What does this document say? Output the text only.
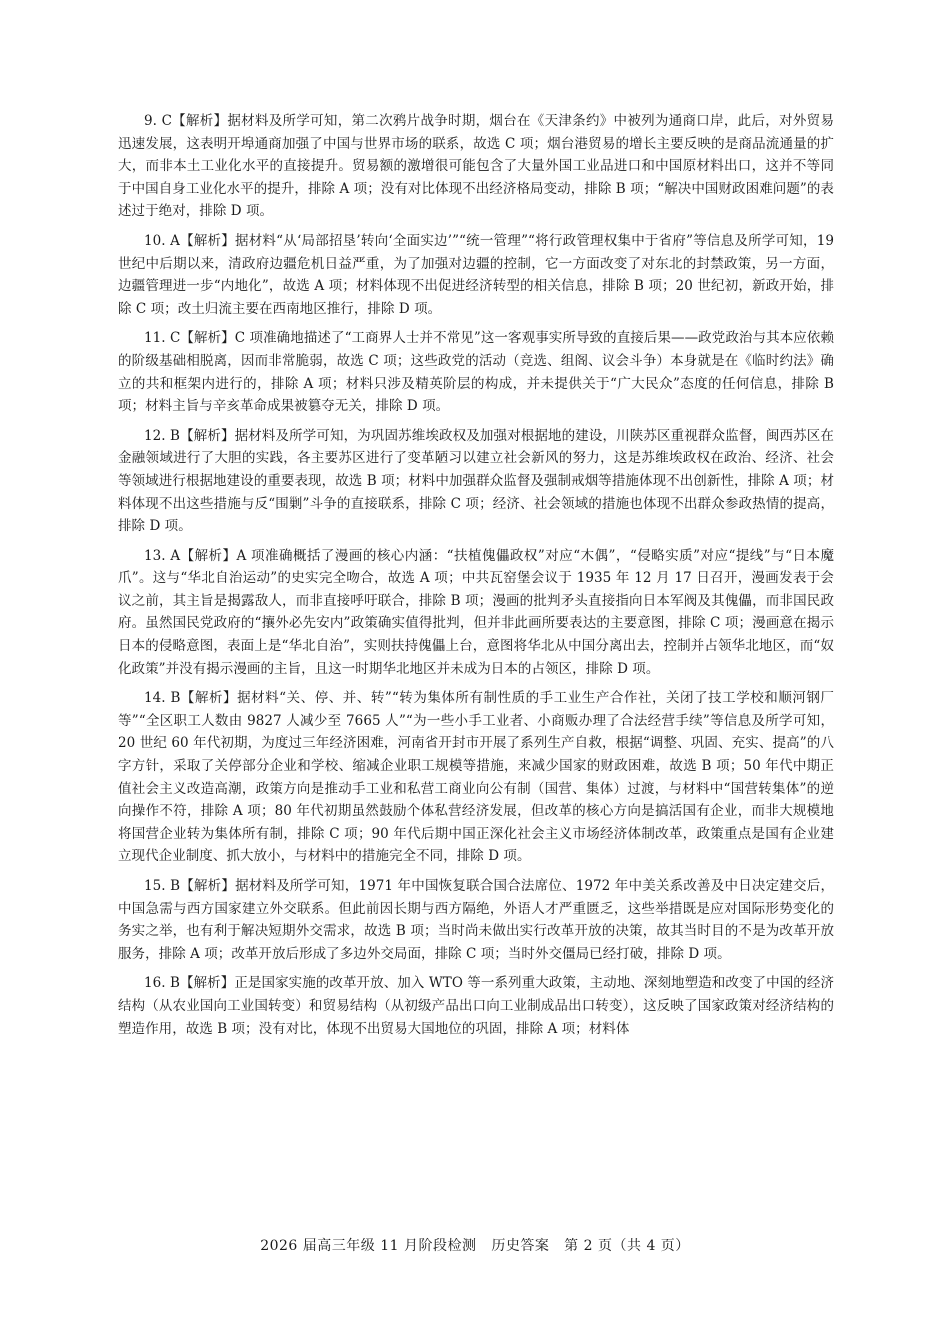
9. C【解析】据材料及所学可知，第二次鸦片战争时期，烟台在《天津条约》中被列为通商口岸，此后，对外贸易迅速发展，这表明开埠通商加强了中国与世界市场的联系，故选 C 项；烟台港贸易的增长主要反映的是商品流通量的扩大，而非本土工业化水平的直接提升。贸易额的激增很可能包含了大量外国工业品进口和中国原材料出口，这并不等同于中国自身工业化水平的提升，排除 A 项；没有对比体现不出经济格局变动，排除 B 项；“解决中国财政困难问题”的表述过于绝对，排除 D 项。

10. A【解析】据材料“从‘局部招垦’转向‘全面实边’”“统一管理”“将行政管理权集中于省府”等信息及所学可知，19 世纪中后期以来，清政府边疆危机日益严重，为了加强对边疆的控制，它一方面改变了对东北的封禁政策，另一方面，边疆管理进一步“内地化”，故选 A 项；材料体现不出促进经济转型的相关信息，排除 B 项；20 世纪初，新政开始，排除 C 项；改土归流主要在西南地区推行，排除 D 项。

11. C【解析】C 项准确地描述了“工商界人士并不常见”这一客观事实所导致的直接后果——政党政治与其本应依赖的阶级基础相脱离，因而非常脆弱，故选 C 项；这些政党的活动（竞选、组阁、议会斗争）本身就是在《临时约法》确立的共和框架内进行的，排除 A 项；材料只涉及精英阶层的构成，并未提供关于“广大民众”态度的任何信息，排除 B 项；材料主旨与辛亥革命成果被篡夺无关，排除 D 项。

12. B【解析】据材料及所学可知，为巩固苏维埃政权及加强对根据地的建设，川陕苏区重视群众监督，闽西苏区在金融领域进行了大胆的实践，各主要苏区进行了变革陋习以建立社会新风的努力，这是苏维埃政权在政治、经济、社会等领域进行根据地建设的重要表现，故选 B 项；材料中加强群众监督及强制戒烟等措施体现不出创新性，排除 A 项；材料体现不出这些措施与反“围剿”斗争的直接联系，排除 C 项；经济、社会领域的措施也体现不出群众参政热情的提高，排除 D 项。

13. A【解析】A 项准确概括了漫画的核心内涵：“扶植傀儡政权”对应“木偶”，“侵略实质”对应“提线”与“日本魔爪”。这与“华北自治运动”的史实完全吻合，故选 A 项；中共瓦窑堡会议于 1935 年 12 月 17 日召开，漫画发表于会议之前，其主旨是揭露敌人，而非直接呼吁联合，排除 B 项；漫画的批判矛头直接指向日本军阀及其傀儡，而非国民政府。虽然国民党政府的“攘外必先安内”政策确实值得批判，但并非此画所要表达的主要意图，排除 C 项；漫画意在揭示日本的侵略意图，表面上是“华北自治”，实则扶持傀儡上台，意图将华北从中国分离出去，控制并占领华北地区，而“奴化政策”并没有揭示漫画的主旨，且这一时期华北地区并未成为日本的占领区，排除 D 项。

14. B【解析】据材料“关、停、并、转”“转为集体所有制性质的手工业生产合作社，关闭了技工学校和顺河钢厂等”“全区职工人数由 9827 人减少至 7665 人”“为一些小手工业者、小商贩办理了合法经营手续”等信息及所学可知，20 世纪 60 年代初期，为度过三年经济困难，河南省开封市开展了系列生产自救，根据“调整、巩固、充实、提高”的八字方针，采取了关停部分企业和学校、缩减企业职工规模等措施，来减少国家的财政困难，故选 B 项；50 年代中期正值社会主义改造高潮，政策方向是推动手工业和私营工商业向公有制（国营、集体）过渡，与材料中“国营转集体”的逆向操作不符，排除 A 项；80 年代初期虽然鼓励个体私营经济发展，但改革的核心方向是搞活国有企业，而非大规模地将国营企业转为集体所有制，排除 C 项；90 年代后期中国正深化社会主义市场经济体制改革，政策重点是国有企业建立现代企业制度、抓大放小，与材料中的措施完全不同，排除 D 项。

15. B【解析】据材料及所学可知，1971 年中国恢复联合国合法席位、1972 年中美关系改善及中日决定建交后，中国急需与西方国家建立外交联系。但此前因长期与西方隔绝，外语人才严重匮乏，这些举措既是应对国际形势变化的务实之举，也有利于解决短期外交需求，故选 B 项；当时尚未做出实行改革开放的决策，故其当时目的不是为改革开放服务，排除 A 项；改革开放后形成了多边外交局面，排除 C 项；当时外交僵局已经打破，排除 D 项。

16. B【解析】正是国家实施的改革开放、加入 WTO 等一系列重大政策，主动地、深刻地塑造和改变了中国的经济结构（从农业国向工业国转变）和贸易结构（从初级产品出口向工业制成品出口转变），这反映了国家政策对经济结构的塑造作用，故选 B 项；没有对比，体现不出贸易大国地位的巩固，排除 A 项；材料体

2026 届高三年级 11 月阶段检测   历史答案   第 2 页（共 4 页）
